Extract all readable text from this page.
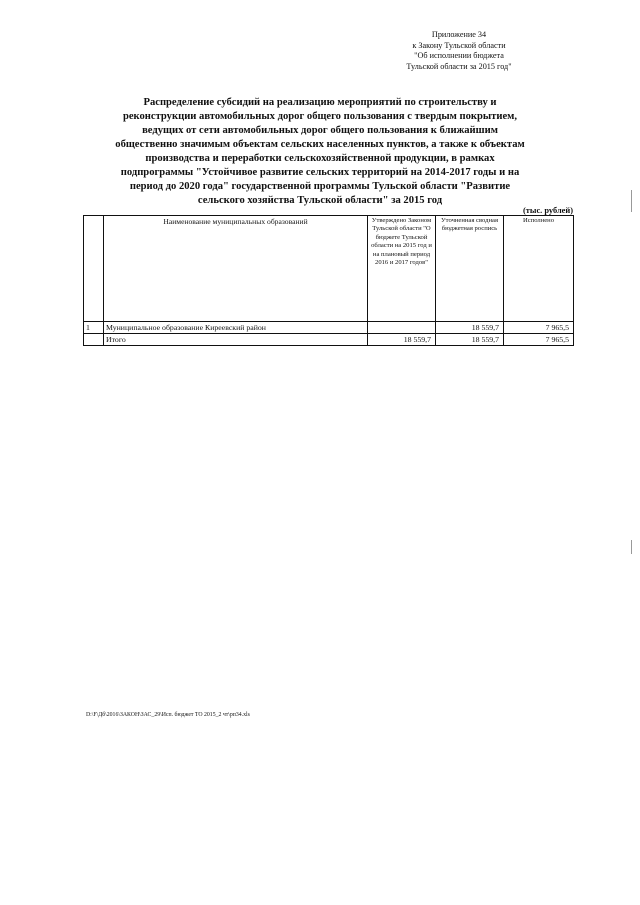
Приложение 34
к Закону Тульской области
"Об исполнении бюджета
Тульской области за 2015 год"
Распределение субсидий на реализацию мероприятий по строительству и
реконструкции автомобильных дорог общего пользования с твердым покрытием,
ведущих от сети автомобильных дорог общего пользования к ближайшим
общественно значимым объектам сельских населенных пунктов, а также к объектам
производства и переработки сельскохозяйственной продукции, в рамках
подпрограммы "Устойчивое развитие сельских территорий на 2014-2017 годы и на
период до 2020 года" государственной программы Тульской области "Развитие
сельского хозяйства Тульской области" за 2015 год
(тыс. рублей)
	Наименование муниципальных образований	Утверждено Законом Тульской области "О бюджете Тульской области на 2015 год и на плановый период 2016 и 2017 годов"	Уточненная сводная бюджетная роспись	Исполнено
1	Муниципальное образование Киреевский район		18 559,7	7 965,5
	Итого	18 559,7	18 559,7	7 965,5
D:\F\Дб\2016\ЗАКОН\ЗАС_29\Исп. бюджет ТО 2015_2 чт\рп34.xls
